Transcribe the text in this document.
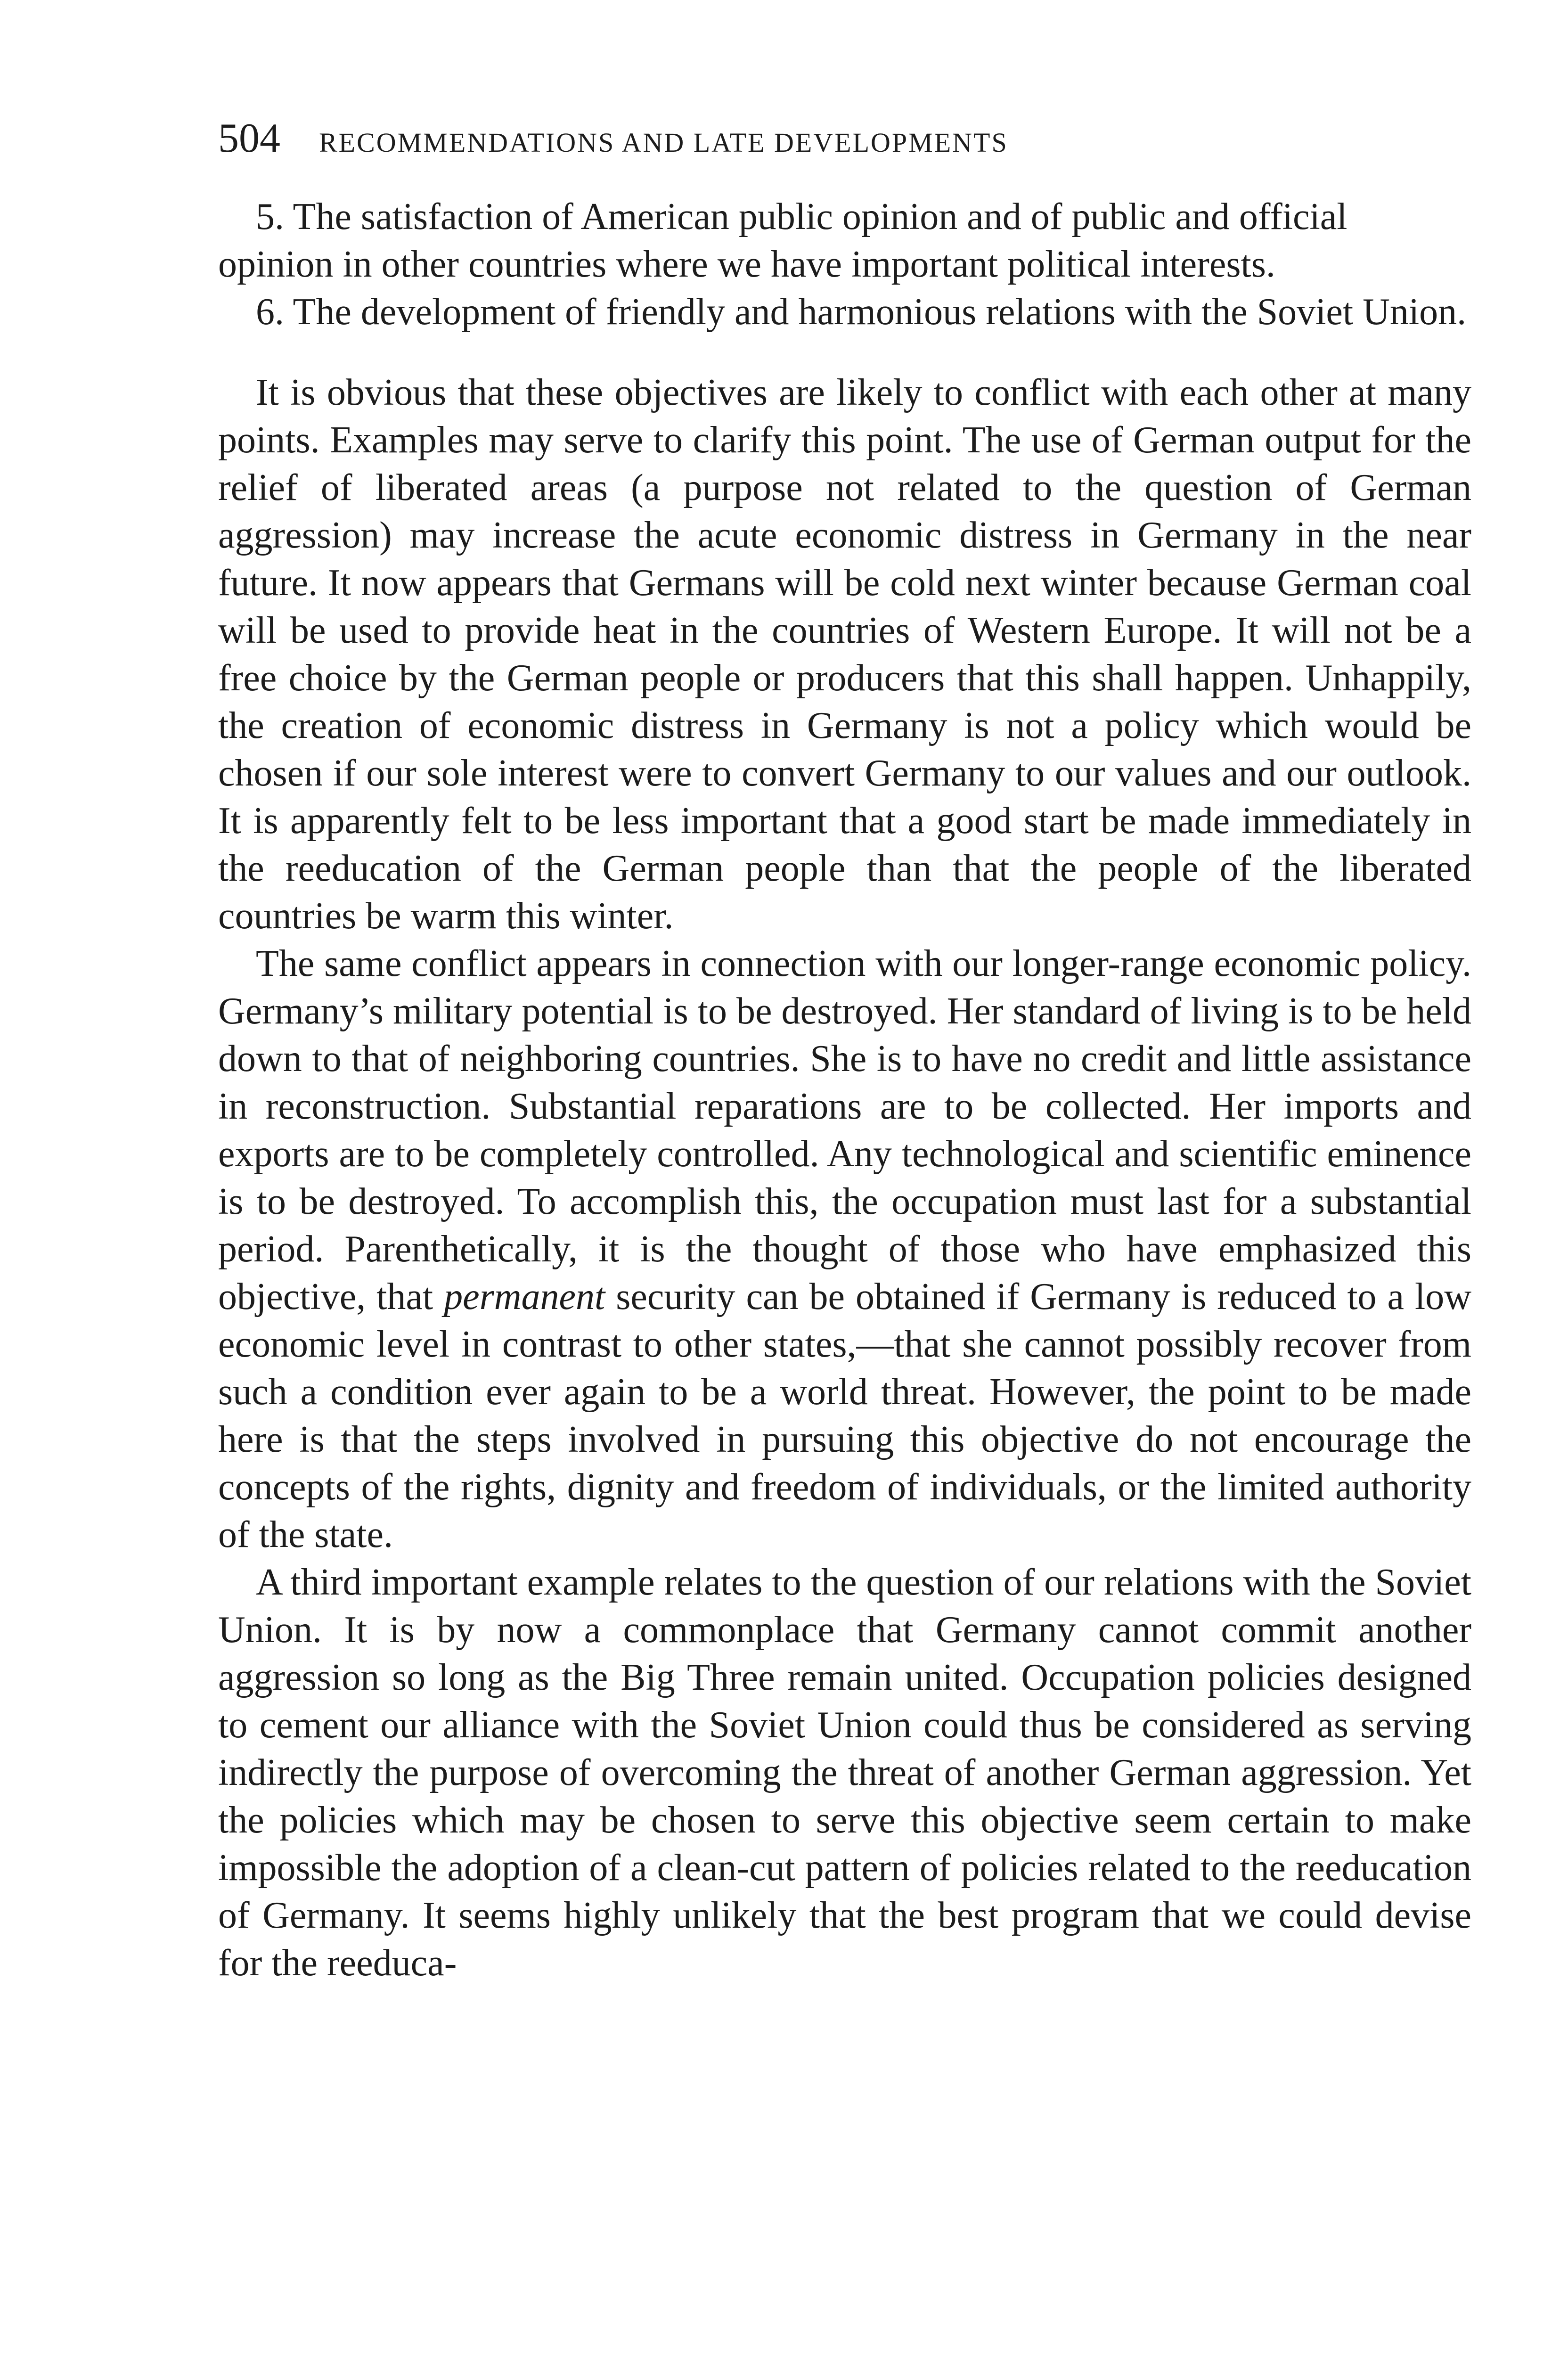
504 RECOMMENDATIONS AND LATE DEVELOPMENTS

5. The satisfaction of American public opinion and of public and official opinion in other countries where we have important political interests.

6. The development of friendly and harmonious relations with the Soviet Union.

It is obvious that these objectives are likely to conflict with each other at many points. Examples may serve to clarify this point. The use of German output for the relief of liberated areas (a purpose not related to the question of German aggression) may increase the acute economic distress in Germany in the near future. It now appears that Germans will be cold next winter because German coal will be used to provide heat in the countries of Western Europe. It will not be a free choice by the German people or producers that this shall happen. Unhappily, the creation of economic distress in Germany is not a policy which would be chosen if our sole interest were to convert Germany to our values and our outlook. It is apparently felt to be less important that a good start be made immediately in the reeducation of the German people than that the people of the liberated countries be warm this winter.

The same conflict appears in connection with our longer-range economic policy. Germany’s military potential is to be destroyed. Her standard of living is to be held down to that of neighboring countries. She is to have no credit and little assistance in reconstruction. Substantial reparations are to be collected. Her imports and exports are to be completely controlled. Any technological and scientific eminence is to be destroyed. To accomplish this, the occupation must last for a substantial period. Parenthetically, it is the thought of those who have emphasized this objective, that permanent security can be obtained if Germany is reduced to a low economic level in contrast to other states,—that she cannot possibly recover from such a condition ever again to be a world threat. However, the point to be made here is that the steps involved in pursuing this objective do not encourage the concepts of the rights, dignity and freedom of individuals, or the limited authority of the state.

A third important example relates to the question of our relations with the Soviet Union. It is by now a commonplace that Germany cannot commit another aggression so long as the Big Three remain united. Occupation policies designed to cement our alliance with the Soviet Union could thus be considered as serving indirectly the purpose of overcoming the threat of another German aggression. Yet the policies which may be chosen to serve this objective seem certain to make impossible the adoption of a clean-cut pattern of policies related to the reeducation of Germany. It seems highly unlikely that the best program that we could devise for the reeduca-
